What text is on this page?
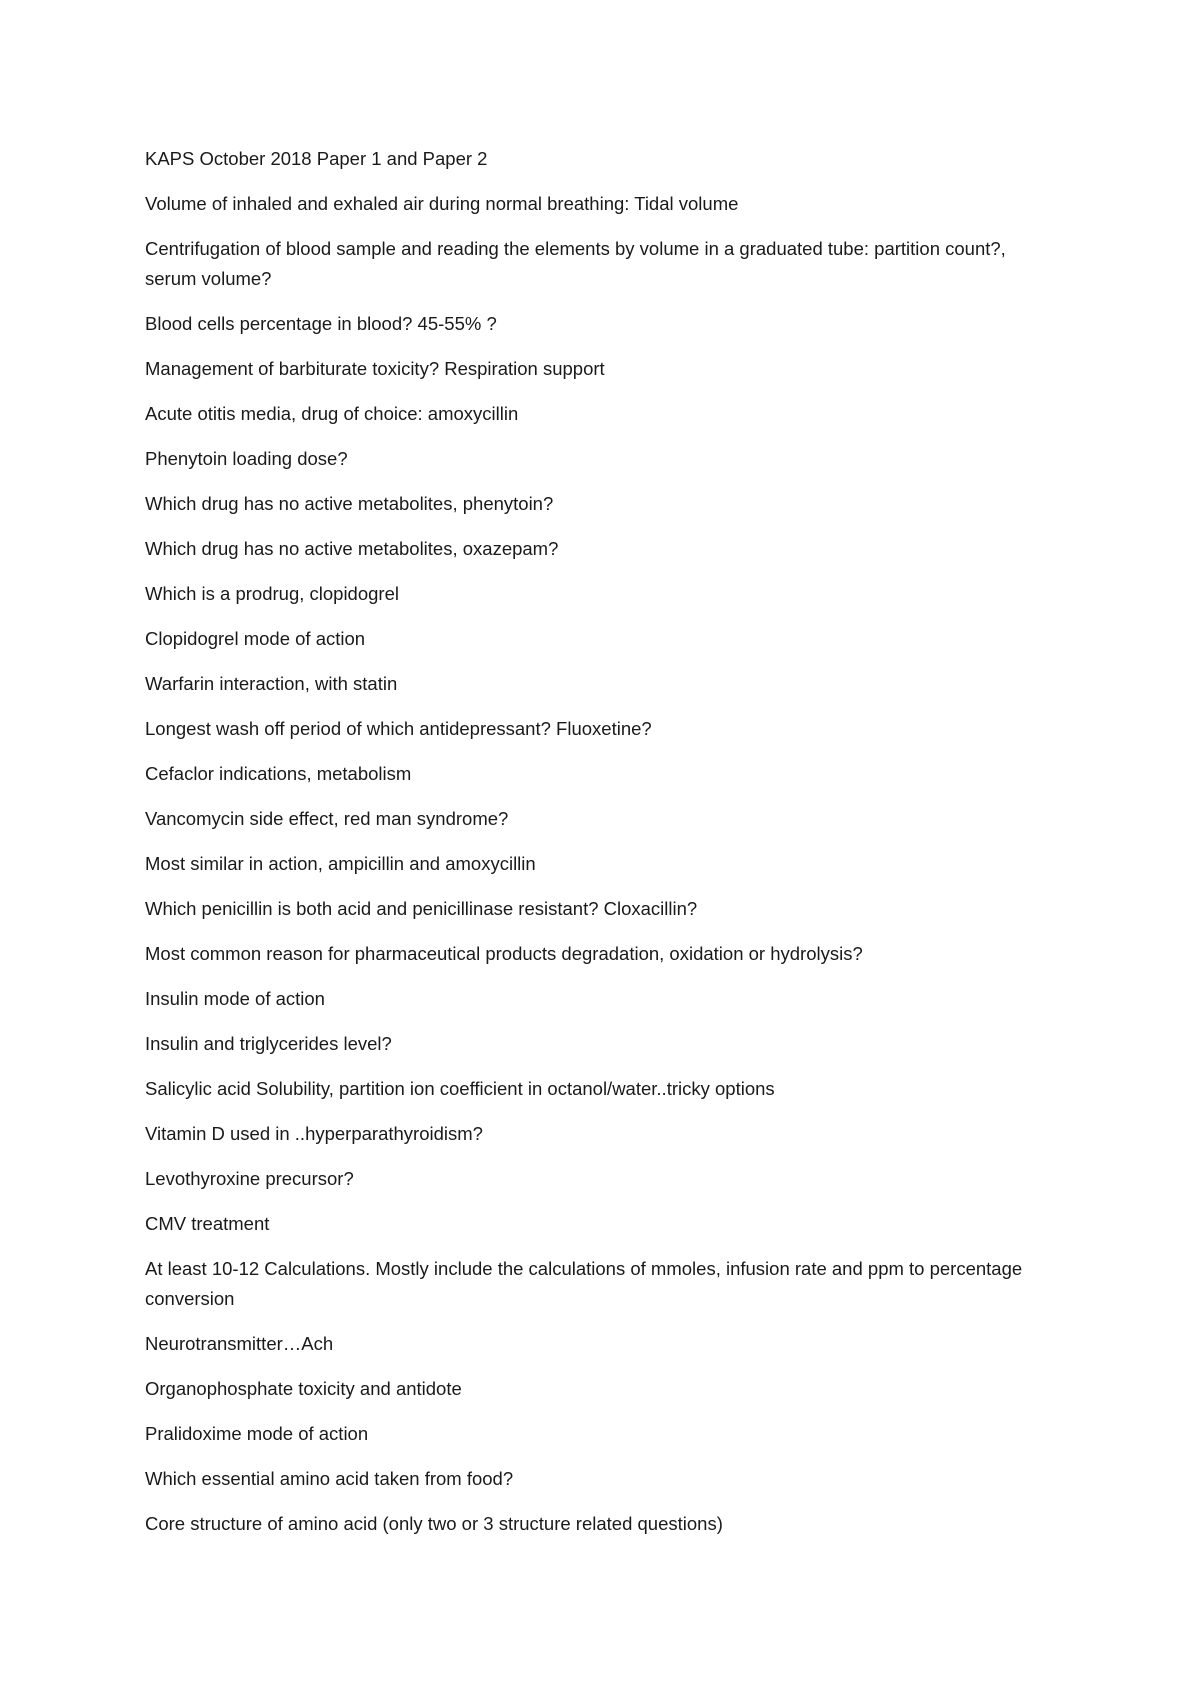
KAPS October 2018 Paper 1 and Paper 2

Volume of inhaled and exhaled air during normal breathing: Tidal volume

Centrifugation of blood sample and reading the elements by volume in a graduated tube: partition count?, serum volume?

Blood cells percentage in blood? 45-55% ?

Management of barbiturate toxicity? Respiration support

Acute otitis media, drug of choice: amoxycillin

Phenytoin loading dose?

Which drug has no active metabolites, phenytoin?

Which drug has no active metabolites, oxazepam?

Which is a prodrug, clopidogrel

Clopidogrel mode of action

Warfarin interaction, with statin

Longest wash off period of which antidepressant? Fluoxetine?

Cefaclor indications, metabolism

Vancomycin side effect, red man syndrome?

Most similar in action, ampicillin and amoxycillin

Which penicillin is both acid and penicillinase resistant? Cloxacillin?

Most common reason for pharmaceutical products degradation, oxidation or hydrolysis?

Insulin mode of action

Insulin and triglycerides level?

Salicylic acid Solubility, partition ion coefficient in octanol/water..tricky options

Vitamin D used in ..hyperparathyroidism?

Levothyroxine precursor?

CMV treatment

At least 10-12 Calculations. Mostly include the calculations of mmoles, infusion rate and ppm to percentage conversion

Neurotransmitter…Ach

Organophosphate toxicity and antidote

Pralidoxime mode of action

Which essential amino acid taken from food?

Core structure of amino acid (only two or 3 structure related questions)
